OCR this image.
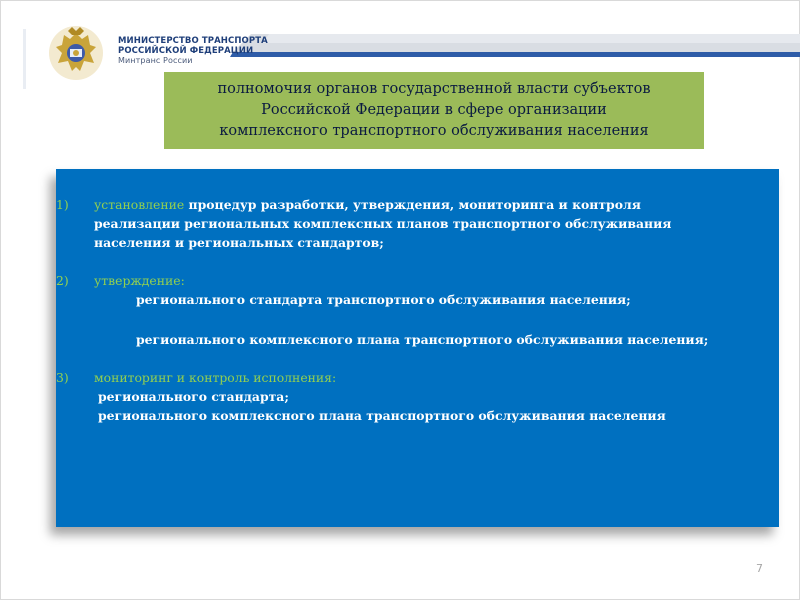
МИНИСТЕРСТВО ТРАНСПОРТА
РОССИЙСКОЙ ФЕДЕРАЦИИ
Минтранс России
полномочия органов государственной власти субъектов
Российской Федерации в сфере организации
комплексного транспортного обслуживания населения
1)	установление процедур разработки, утверждения, мониторинга и контроля
реализации региональных комплексных планов транспортного обслуживания
населения и региональных стандартов;
2)	утверждение:
регионального стандарта транспортного обслуживания населения;
регионального комплексного плана транспортного обслуживания населения;
3)	мониторинг и контроль исполнения:
регионального стандарта;
регионального комплексного плана транспортного обслуживания населения
7
